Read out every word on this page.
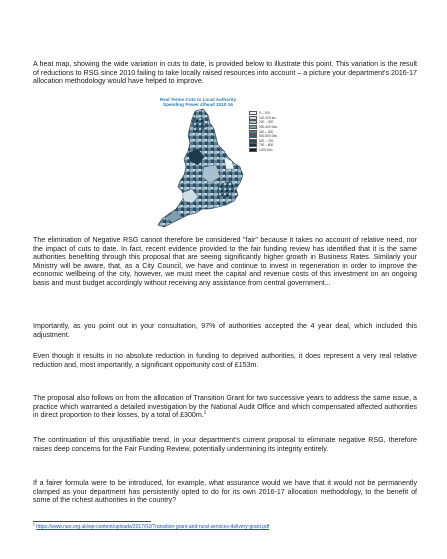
A heat map, showing the wide variation in cuts to date, is provided below to illustrate this point. This variation is the result of reductions to RSG since 2010 failing to take locally raised resources into account – a picture your department's 2016-17 allocation methodology would have helped to improve.

Real Terms Cuts to Local Authority
Spending Power £/head 2010-16

0 – 100
100-200 Inc.
200 – 300
300-400 Dec.
400 – 500
500-600 Dec.
600 – 700
700 – 800
1000 Dec.

The elimination of Negative RSG cannot therefore be considered "fair" because it takes no account of relative need, nor the impact of cuts to date. In fact, recent evidence provided to the fair funding review has identified that it is the same authorities benefiting through this proposal that are seeing significantly higher growth in Business Rates. Similarly your Ministry will be aware, that, as a City Council, we have and continue to invest in regeneration in order to improve the economic wellbeing of the city, however, we must meet the capital and revenue costs of this investment on an ongoing basis and must budget accordingly without receiving any assistance from central government...

Importantly, as you point out in your consultation, 97% of authorities accepted the 4 year deal, which included this adjustment.

Even though it results in no absolute reduction in funding to deprived authorities, it does represent a very real relative reduction and, most importantly, a significant opportunity cost of £153m.

The proposal also follows on from the allocation of Transition Grant for two successive years to address the same issue, a practice which warranted a detailed investigation by the National Audit Office and which compensated affected authorities in direct proportion to their losses, by a total of £300m.$^2$

The continuation of this unjustifiable trend, in your department's current proposal to eliminate negative RSG, therefore raises deep concerns for the Fair Funding Review, potentially undermining its integrity entirely.

If a fairer formula were to be introduced, for example, what assurance would we have that it would not be permanently clamped as your department has persistently opted to do for its own 2016-17 allocation methodology, to the benefit of some of the richest authorities in the country?

$^2$ https://www.nao.org.uk/wp-content/uploads/2017/02/Transition-grant-and-rural-services-delivery-grant.pdf
